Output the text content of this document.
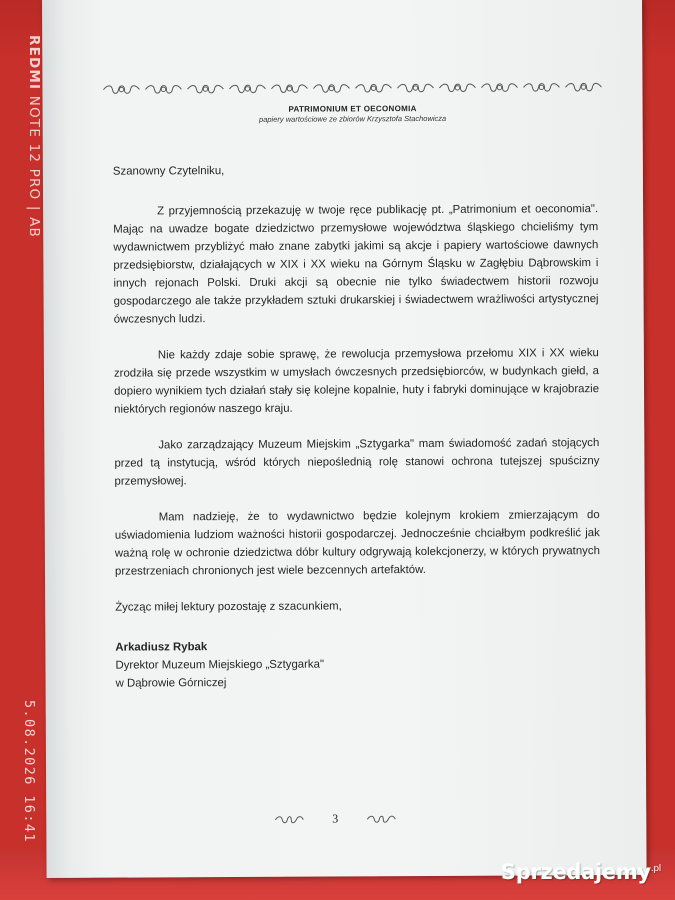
PATRIMONIUM ET OECONOMIA
papiery wartościowe ze zbiorów Krzysztofa Stachowicza

Szanowny Czytelniku,

Z przyjemnością przekazuję w twoje ręce publikację pt. „Patrimonium et oeconomia". Mając na uwadze bogate dziedzictwo przemysłowe województwa śląskiego chcieliśmy tym wydawnictwem przybliżyć mało znane zabytki jakimi są akcje i papiery wartościowe dawnych przedsiębiorstw, działających w XIX i XX wieku na Górnym Śląsku w Zagłębiu Dąbrowskim i innych rejonach Polski. Druki akcji są obecnie nie tylko świadectwem historii rozwoju gospodarczego ale także przykładem sztuki drukarskiej i świadectwem wrażliwości artystycznej ówczesnych ludzi.

Nie każdy zdaje sobie sprawę, że rewolucja przemysłowa przełomu XIX i XX wieku zrodziła się przede wszystkim w umysłach ówczesnych przedsiębiorców, w budynkach giełd, a dopiero wynikiem tych działań stały się kolejne kopalnie, huty i fabryki dominujące w krajobrazie niektórych regionów naszego kraju.

Jako zarządzający Muzeum Miejskim „Sztygarka" mam świadomość zadań stojących przed tą instytucją, wśród których niepoślednią rolę stanowi ochrona tutejszej spuścizny przemysłowej.

Mam nadzieję, że to wydawnictwo będzie kolejnym krokiem zmierzającym do uświadomienia ludziom ważności historii gospodarczej. Jednocześnie chciałbym podkreślić jak ważną rolę w ochronie dziedzictwa dóbr kultury odgrywają kolekcjonerzy, w których prywatnych przestrzeniach chronionych jest wiele bezcennych artefaktów.

Życząc miłej lektury pozostaję z szacunkiem,

Arkadiusz Rybak

Dyrektor Muzeum Miejskiego „Sztygarka"

w Dąbrowie Górniczej

3
REDMI NOTE 12 PRO | AB
5.08.2026 16:41
Sprzedajemy$^{.pl}$
